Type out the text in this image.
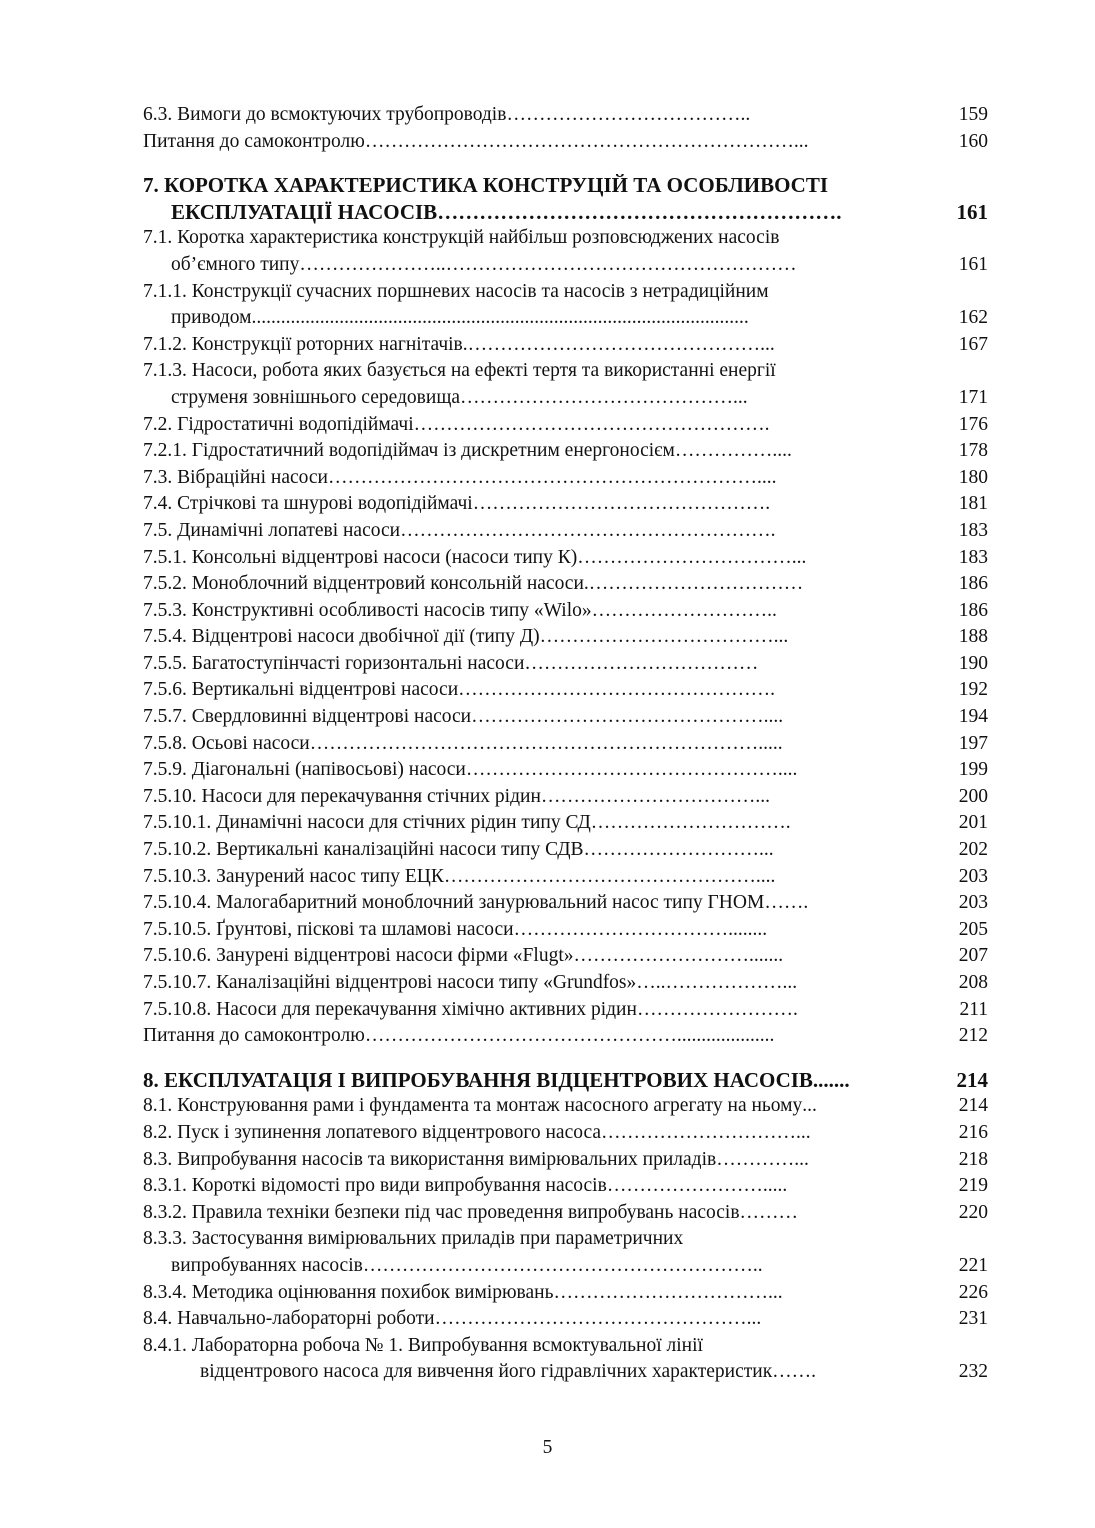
6.3. Вимоги до всмоктуючих трубопроводів………………………………..	159
Питання до самоконтролю…………………………………………………………...	160
7. КОРОТКА ХАРАКТЕРИСТИКА КОНСТРУЦІЙ ТА ОСОБЛИВОСТІ
ЕКСПЛУАТАЦІЇ НАСОСІВ………………………………………………….	161
7.1. Коротка характеристика конструкцій найбільш розповсюджених насосів
об’ємного типу…………………..………………………………………………	161
7.1.1. Конструкції сучасних поршневих насосів та насосів з нетрадиційним
приводом......................................................................................................	162
7.1.2. Конструкції роторних нагнітачів.………………………………………...	167
7.1.3. Насоси, робота яких базується на ефекті тертя та використанні енергії
струменя зовнішнього середовища……………………………………...	171
7.2. Гідростатичні водопідіймачі……………………………………………….	176
7.2.1. Гідростатичний водопідіймач із дискретним енергоносієм……………....	178
7.3. Вібраційні насоси…………………………………………………………....	180
7.4. Стрічкові та шнурові водопідіймачі……………………………………….	181
7.5. Динамічні лопатеві насоси………………………………………………….	183
7.5.1. Консольні відцентрові насоси (насоси типу К)……………………………...	183
7.5.2. Моноблочний відцентровий консольній насоси.……………………………	186
7.5.3. Конструктивні особливості насосів типу «Wilo»………………………..	186
7.5.4. Відцентрові насоси двобічної дії (типу Д)………………………………...	188
7.5.5. Багатоступінчасті горизонтальні насоси………………………………	190
7.5.6. Вертикальні відцентрові насоси………………………………………….	192
7.5.7. Свердловинні відцентрові насоси………………………………………....	194
7.5.8. Осьові насоси…………………………………………………………….....	197
7.5.9. Діагональні (напівосьові) насоси…………………………………………....	199
7.5.10. Насоси для перекачування стічних рідин……………………………...	200
7.5.10.1. Динамічні насоси для стічних рідин типу СД………………………….	201
7.5.10.2. Вертикальні каналізаційні насоси типу СДВ………………………...	202
7.5.10.3. Занурений насос типу ЕЦК…………………………………………....	203
7.5.10.4. Малогабаритний моноблочний занурювальний насос типу ГНОМ…….	203
7.5.10.5. Ґрунтові, піскові та шламові насоси……………………………........	205
7.5.10.6. Занурені відцентрові насоси фірми «Flugt»……………………….......	207
7.5.10.7. Каналізаційні відцентрові насоси типу «Grundfos»…..………………...	208
7.5.10.8. Насоси для перекачування хімічно активних рідин…………………….	211
Питання до самоконтролю…………………………………………....................	212
8. ЕКСПЛУАТАЦІЯ І ВИПРОБУВАННЯ ВІДЦЕНТРОВИХ НАСОСІВ.......	214
8.1. Конструювання рами і фундамента та монтаж насосного агрегату на ньому...	214
8.2. Пуск і зупинення лопатевого відцентрового насоса…………………………...	216
8.3. Випробування насосів та використання вимірювальних приладів…………...	218
8.3.1. Короткі відомості про види випробування насосів…………………….....	219
8.3.2. Правила техніки безпеки під час проведення випробувань насосів………	220
8.3.3. Застосування вимірювальних приладів при параметричних
випробуваннях насосів……………………………………………………..	221
8.3.4. Методика оцінювання похибок вимірювань……………………………...	226
8.4. Навчально-лабораторні роботи…………………………………………...	231
8.4.1. Лабораторна робоча № 1. Випробування всмоктувальної лінії
відцентрового насоса для вивчення його гідравлічних характеристик…….	232
5
